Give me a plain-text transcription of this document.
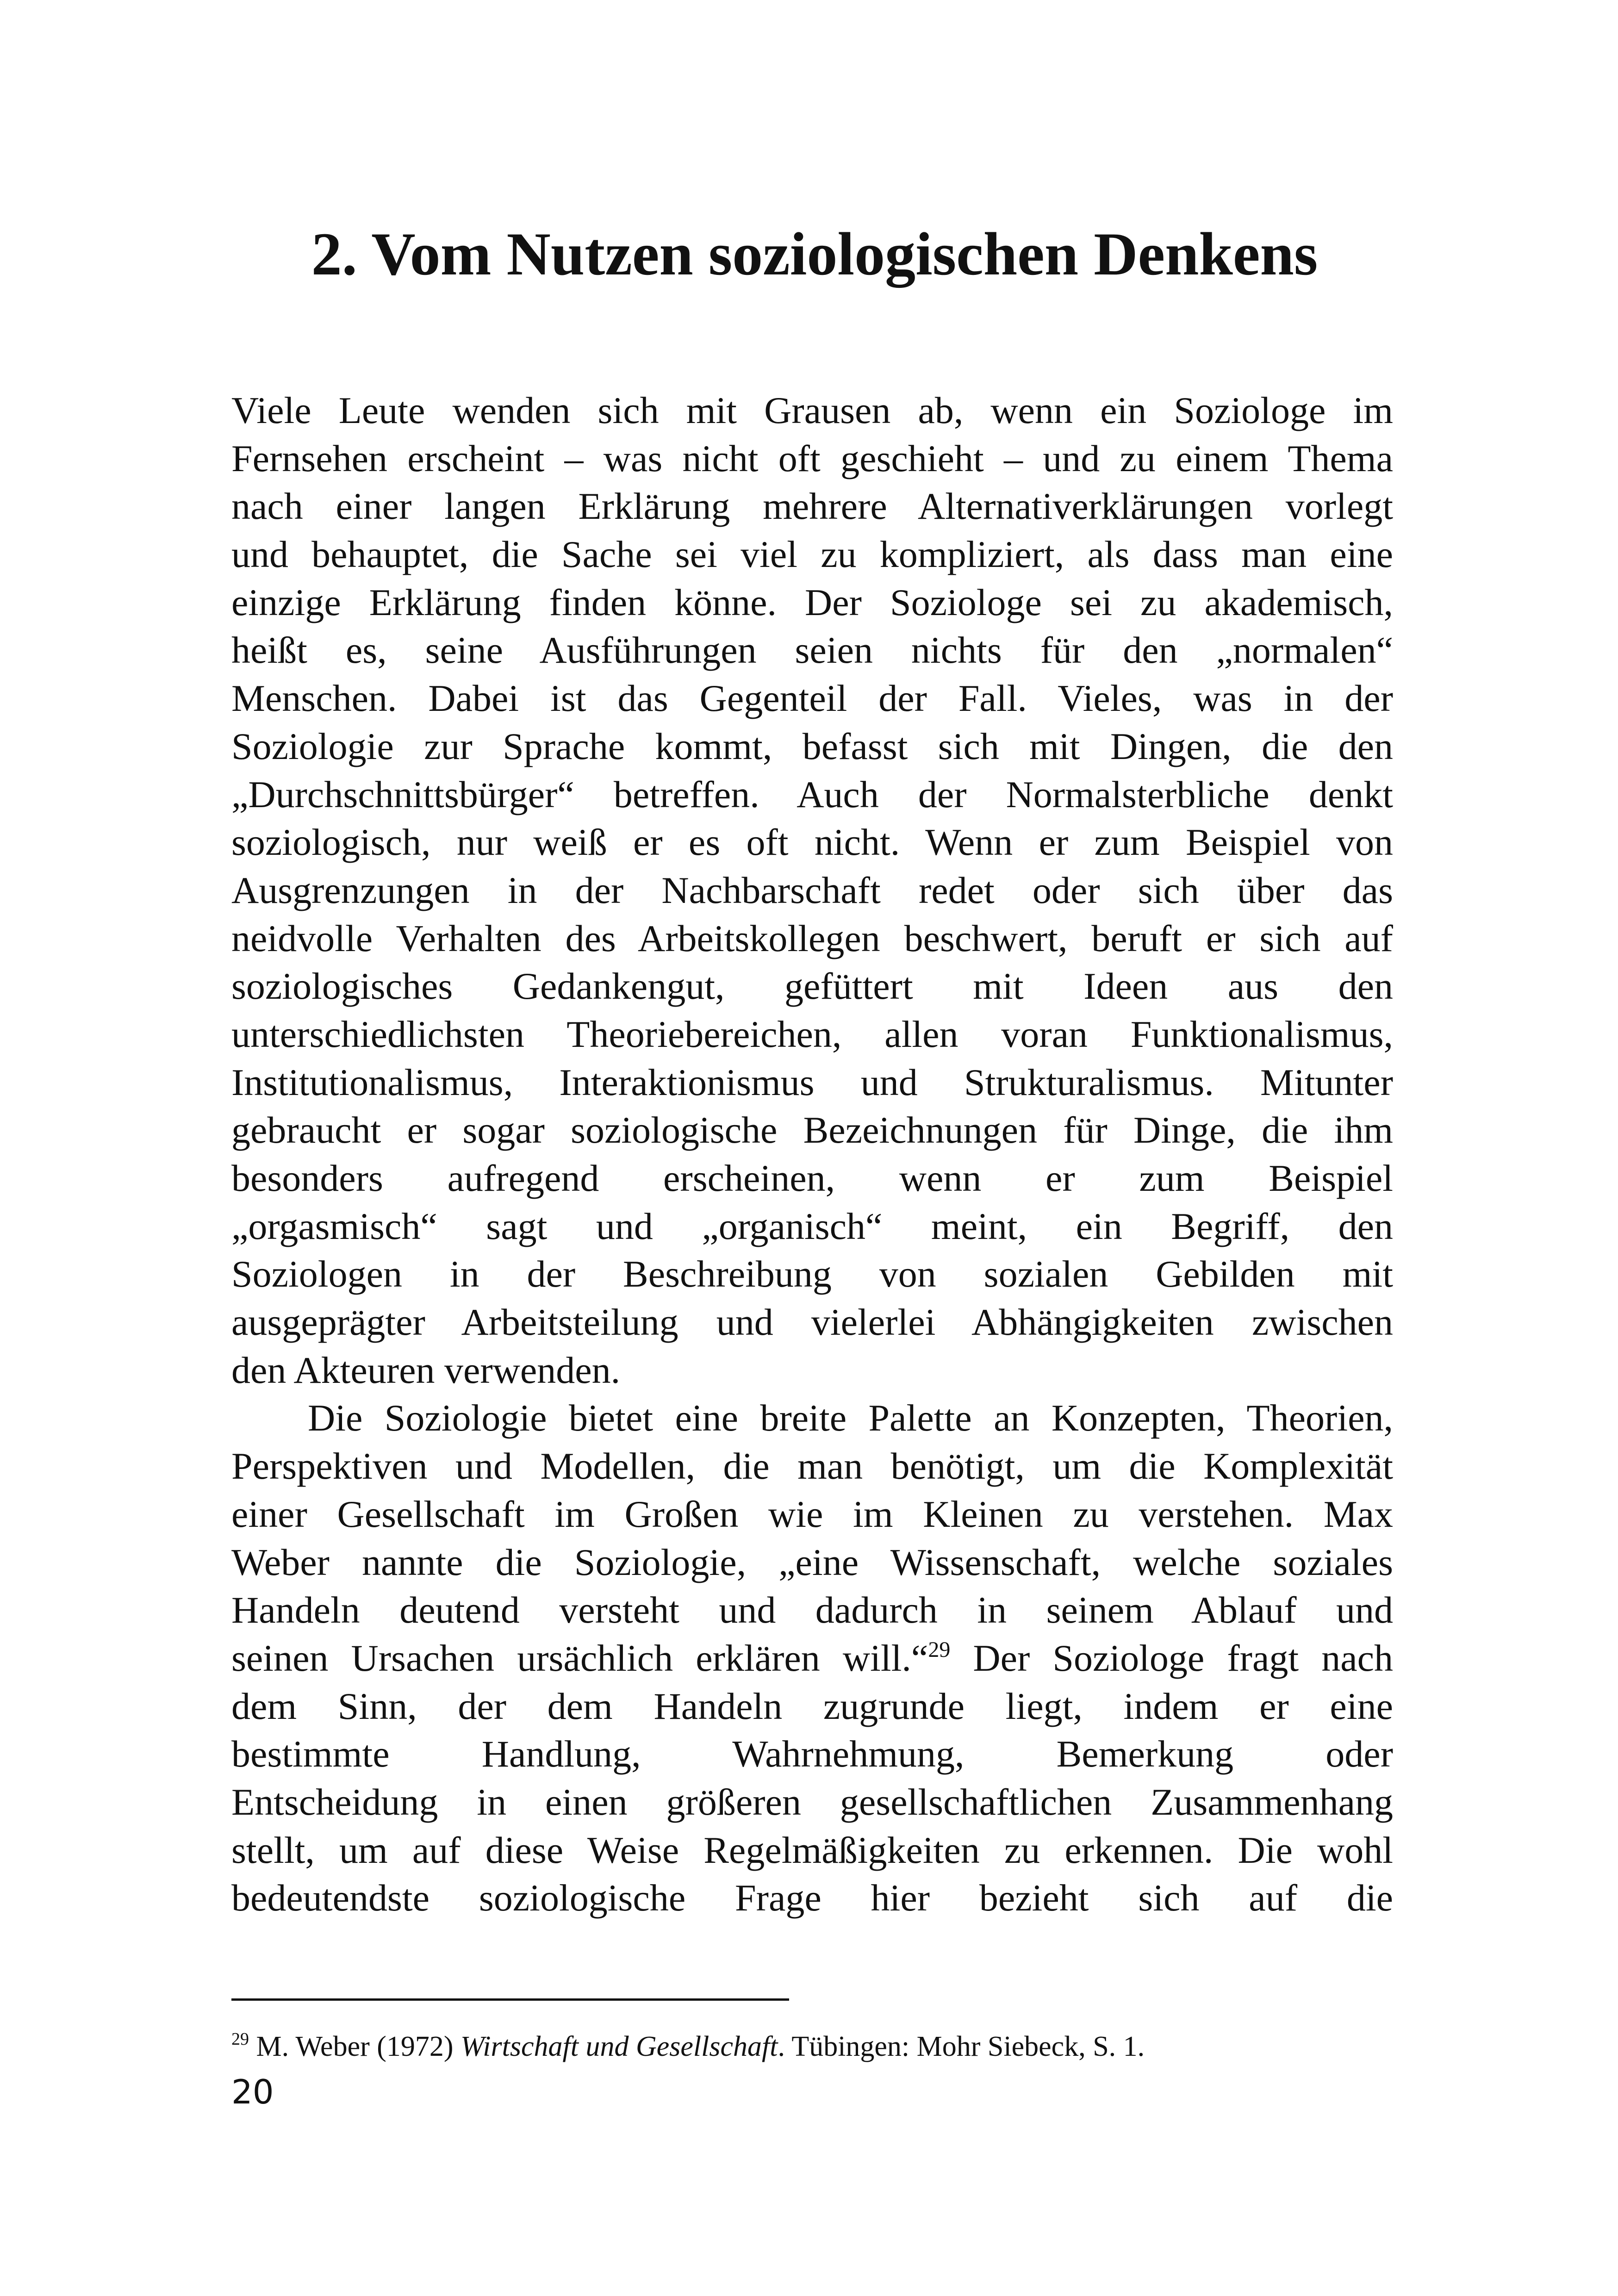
2. Vom Nutzen soziologischen Denkens
Viele Leute wenden sich mit Grausen ab, wenn ein Soziologe im
Fernsehen erscheint – was nicht oft geschieht – und zu einem Thema
nach einer langen Erklärung mehrere Alternativerklärungen vorlegt
und behauptet, die Sache sei viel zu kompliziert, als dass man eine
einzige Erklärung finden könne. Der Soziologe sei zu akademisch,
heißt es, seine Ausführungen seien nichts für den „normalen“
Menschen. Dabei ist das Gegenteil der Fall. Vieles, was in der
Soziologie zur Sprache kommt, befasst sich mit Dingen, die den
„Durchschnittsbürger“ betreffen. Auch der Normalsterbliche denkt
soziologisch, nur weiß er es oft nicht. Wenn er zum Beispiel von
Ausgrenzungen in der Nachbarschaft redet oder sich über das
neidvolle Verhalten des Arbeitskollegen beschwert, beruft er sich auf
soziologisches Gedankengut, gefüttert mit Ideen aus den
unterschiedlichsten Theoriebereichen, allen voran Funktionalismus,
Institutionalismus, Interaktionismus und Strukturalismus. Mitunter
gebraucht er sogar soziologische Bezeichnungen für Dinge, die ihm
besonders aufregend erscheinen, wenn er zum Beispiel
„orgasmisch“ sagt und „organisch“ meint, ein Begriff, den
Soziologen in der Beschreibung von sozialen Gebilden mit
ausgeprägter Arbeitsteilung und vielerlei Abhängigkeiten zwischen
den Akteuren verwenden.
Die Soziologie bietet eine breite Palette an Konzepten, Theorien,
Perspektiven und Modellen, die man benötigt, um die Komplexität
einer Gesellschaft im Großen wie im Kleinen zu verstehen. Max
Weber nannte die Soziologie, „eine Wissenschaft, welche soziales
Handeln deutend versteht und dadurch in seinem Ablauf und
seinen Ursachen ursächlich erklären will.“$^{29}$ Der Soziologe fragt nach
dem Sinn, der dem Handeln zugrunde liegt, indem er eine
bestimmte Handlung, Wahrnehmung, Bemerkung oder
Entscheidung in einen größeren gesellschaftlichen Zusammenhang
stellt, um auf diese Weise Regelmäßigkeiten zu erkennen. Die wohl
bedeutendste soziologische Frage hier bezieht sich auf die
$^{29}$ M. Weber (1972) Wirtschaft und Gesellschaft. Tübingen: Mohr Siebeck, S. 1.
20
